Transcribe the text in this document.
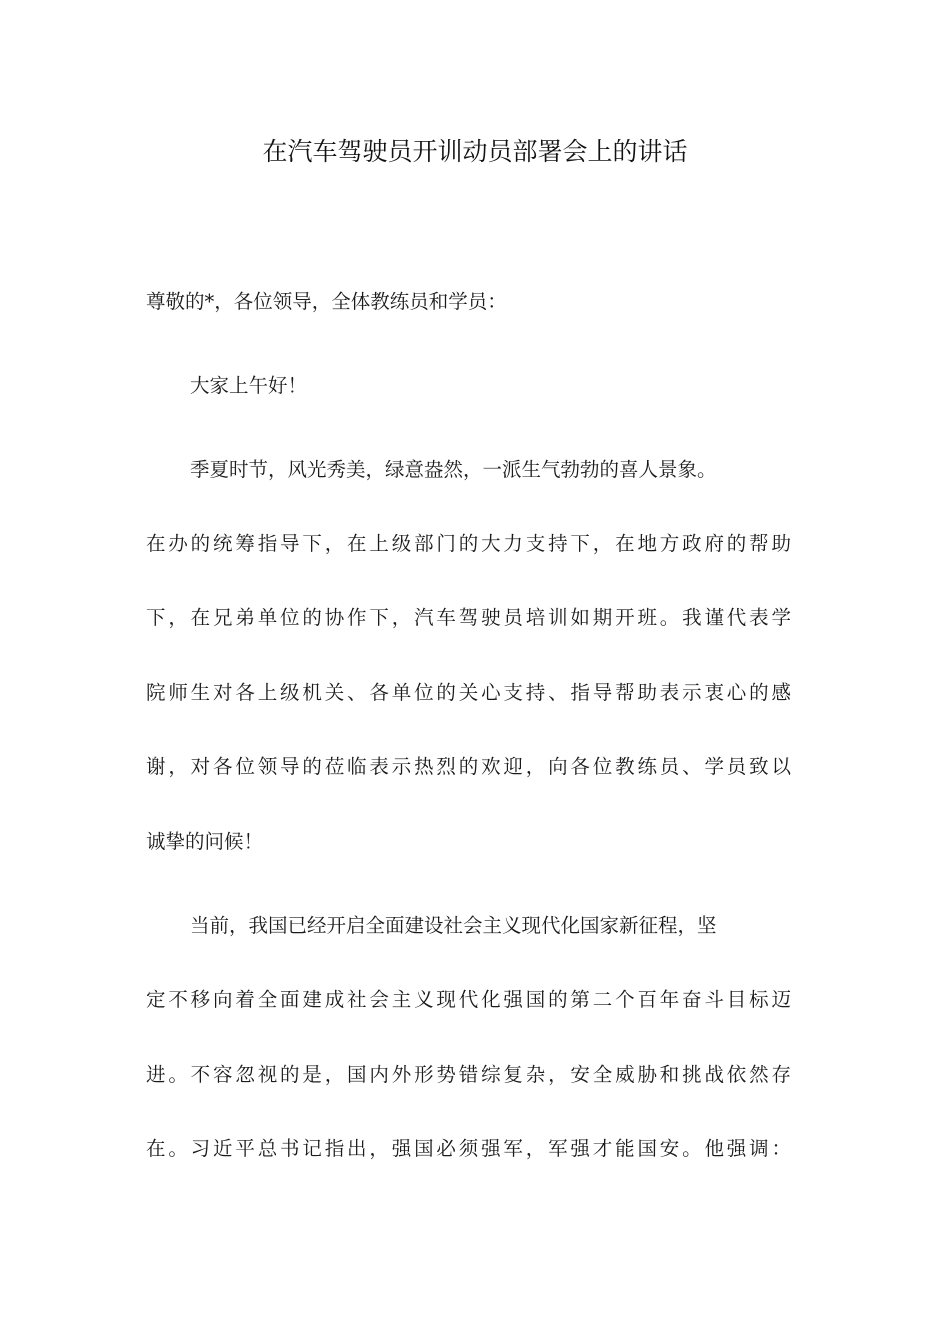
在汽车驾驶员开训动员部署会上的讲话

尊敬的*，各位领导，全体教练员和学员：

大家上午好！

季夏时节，风光秀美，绿意盎然，一派生气勃勃的喜人景象。

在办的统筹指导下，在上级部门的大力支持下，在地方政府的帮助

下，在兄弟单位的协作下，汽车驾驶员培训如期开班。我谨代表学

院师生对各上级机关、各单位的关心支持、指导帮助表示衷心的感

谢，对各位领导的莅临表示热烈的欢迎，向各位教练员、学员致以

诚挚的问候！

当前，我国已经开启全面建设社会主义现代化国家新征程，坚

定不移向着全面建成社会主义现代化强国的第二个百年奋斗目标迈

进。不容忽视的是，国内外形势错综复杂，安全威胁和挑战依然存

在。习近平总书记指出，强国必须强军，军强才能国安。他强调：
